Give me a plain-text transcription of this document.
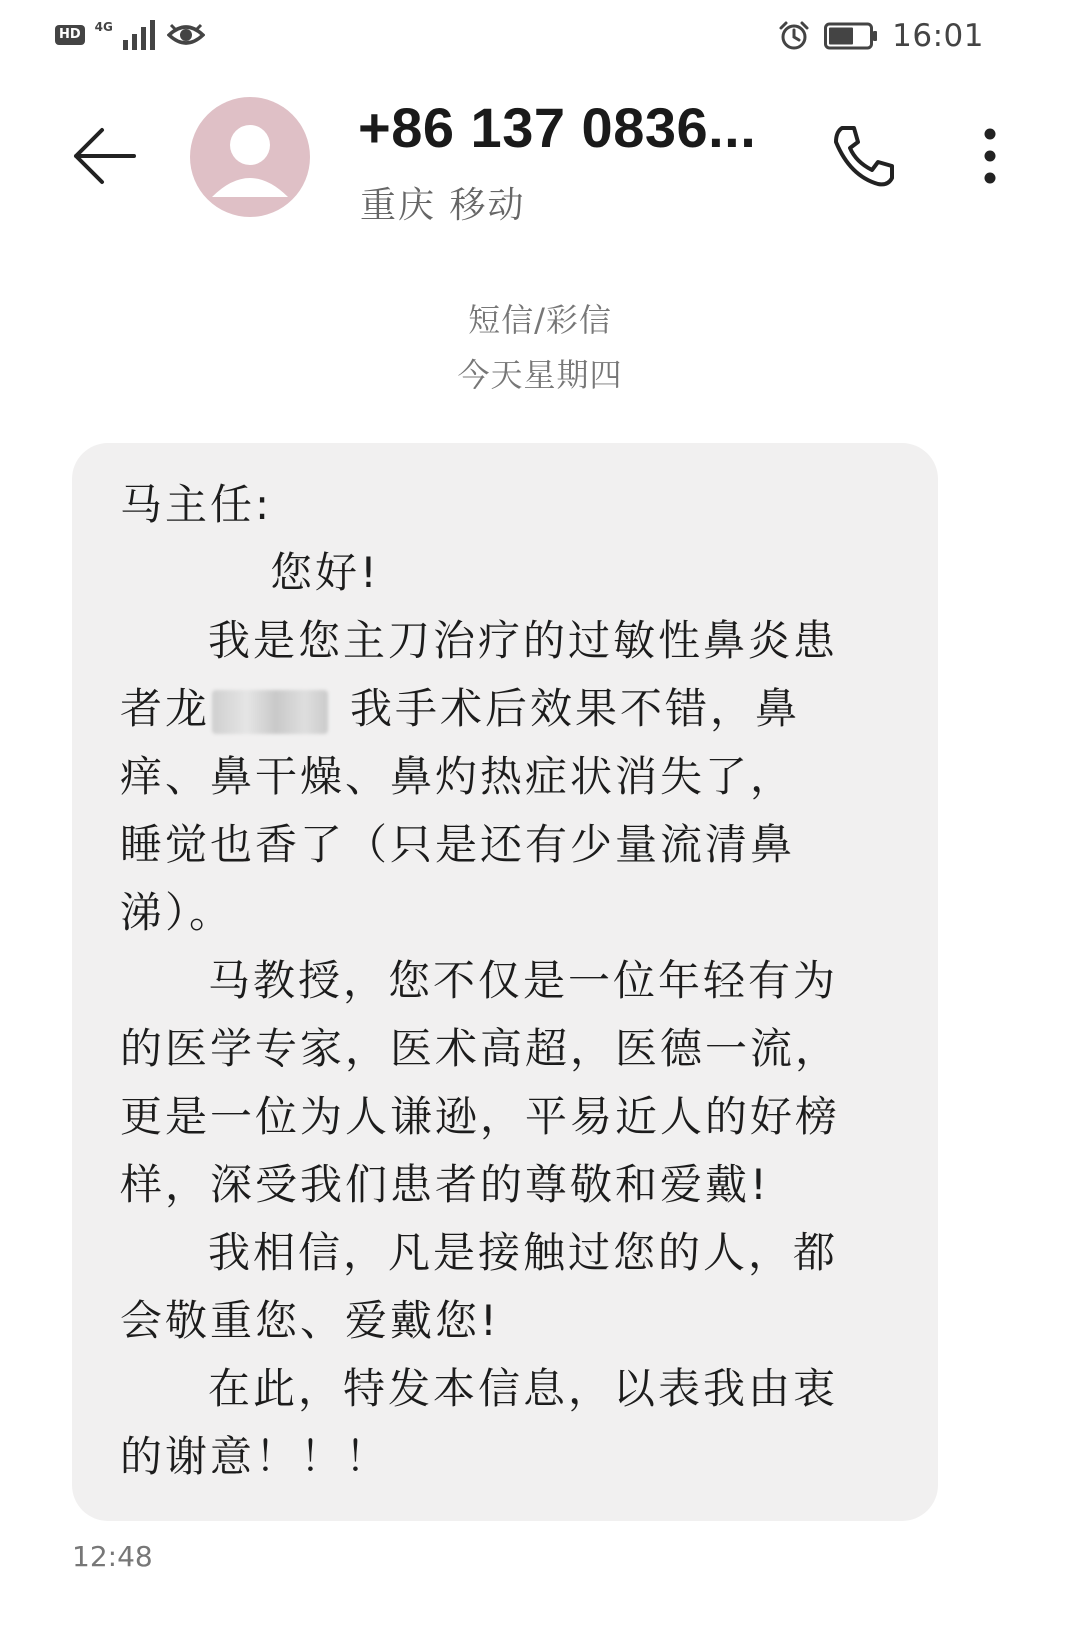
HD	4G	16:01
+86 137 0836...
重庆 移动
短信/彩信
今天星期四
马主任:
您好!
我是您主刀治疗的过敏性鼻炎患
者龙	我手术后效果不错，鼻
痒、鼻干燥、鼻灼热症状消失了，
睡觉也香了（只是还有少量流清鼻
涕）。
马教授，您不仅是一位年轻有为
的医学专家，医术高超，医德一流，
更是一位为人谦逊，平易近人的好榜
样，深受我们患者的尊敬和爱戴!
我相信，凡是接触过您的人，都
会敬重您、爱戴您!
在此，特发本信息，以表我由衷
的谢意！！！
12:48
